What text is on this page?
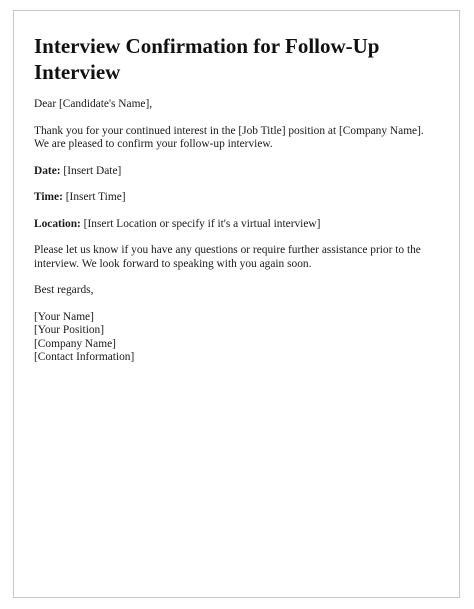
Interview Confirmation for Follow-Up Interview

Dear [Candidate's Name],

Thank you for your continued interest in the [Job Title] position at [Company Name]. We are pleased to confirm your follow-up interview.

Date: [Insert Date]

Time: [Insert Time]

Location: [Insert Location or specify if it's a virtual interview]

Please let us know if you have any questions or require further assistance prior to the interview. We look forward to speaking with you again soon.

Best regards,

[Your Name]
[Your Position]
[Company Name]
[Contact Information]
